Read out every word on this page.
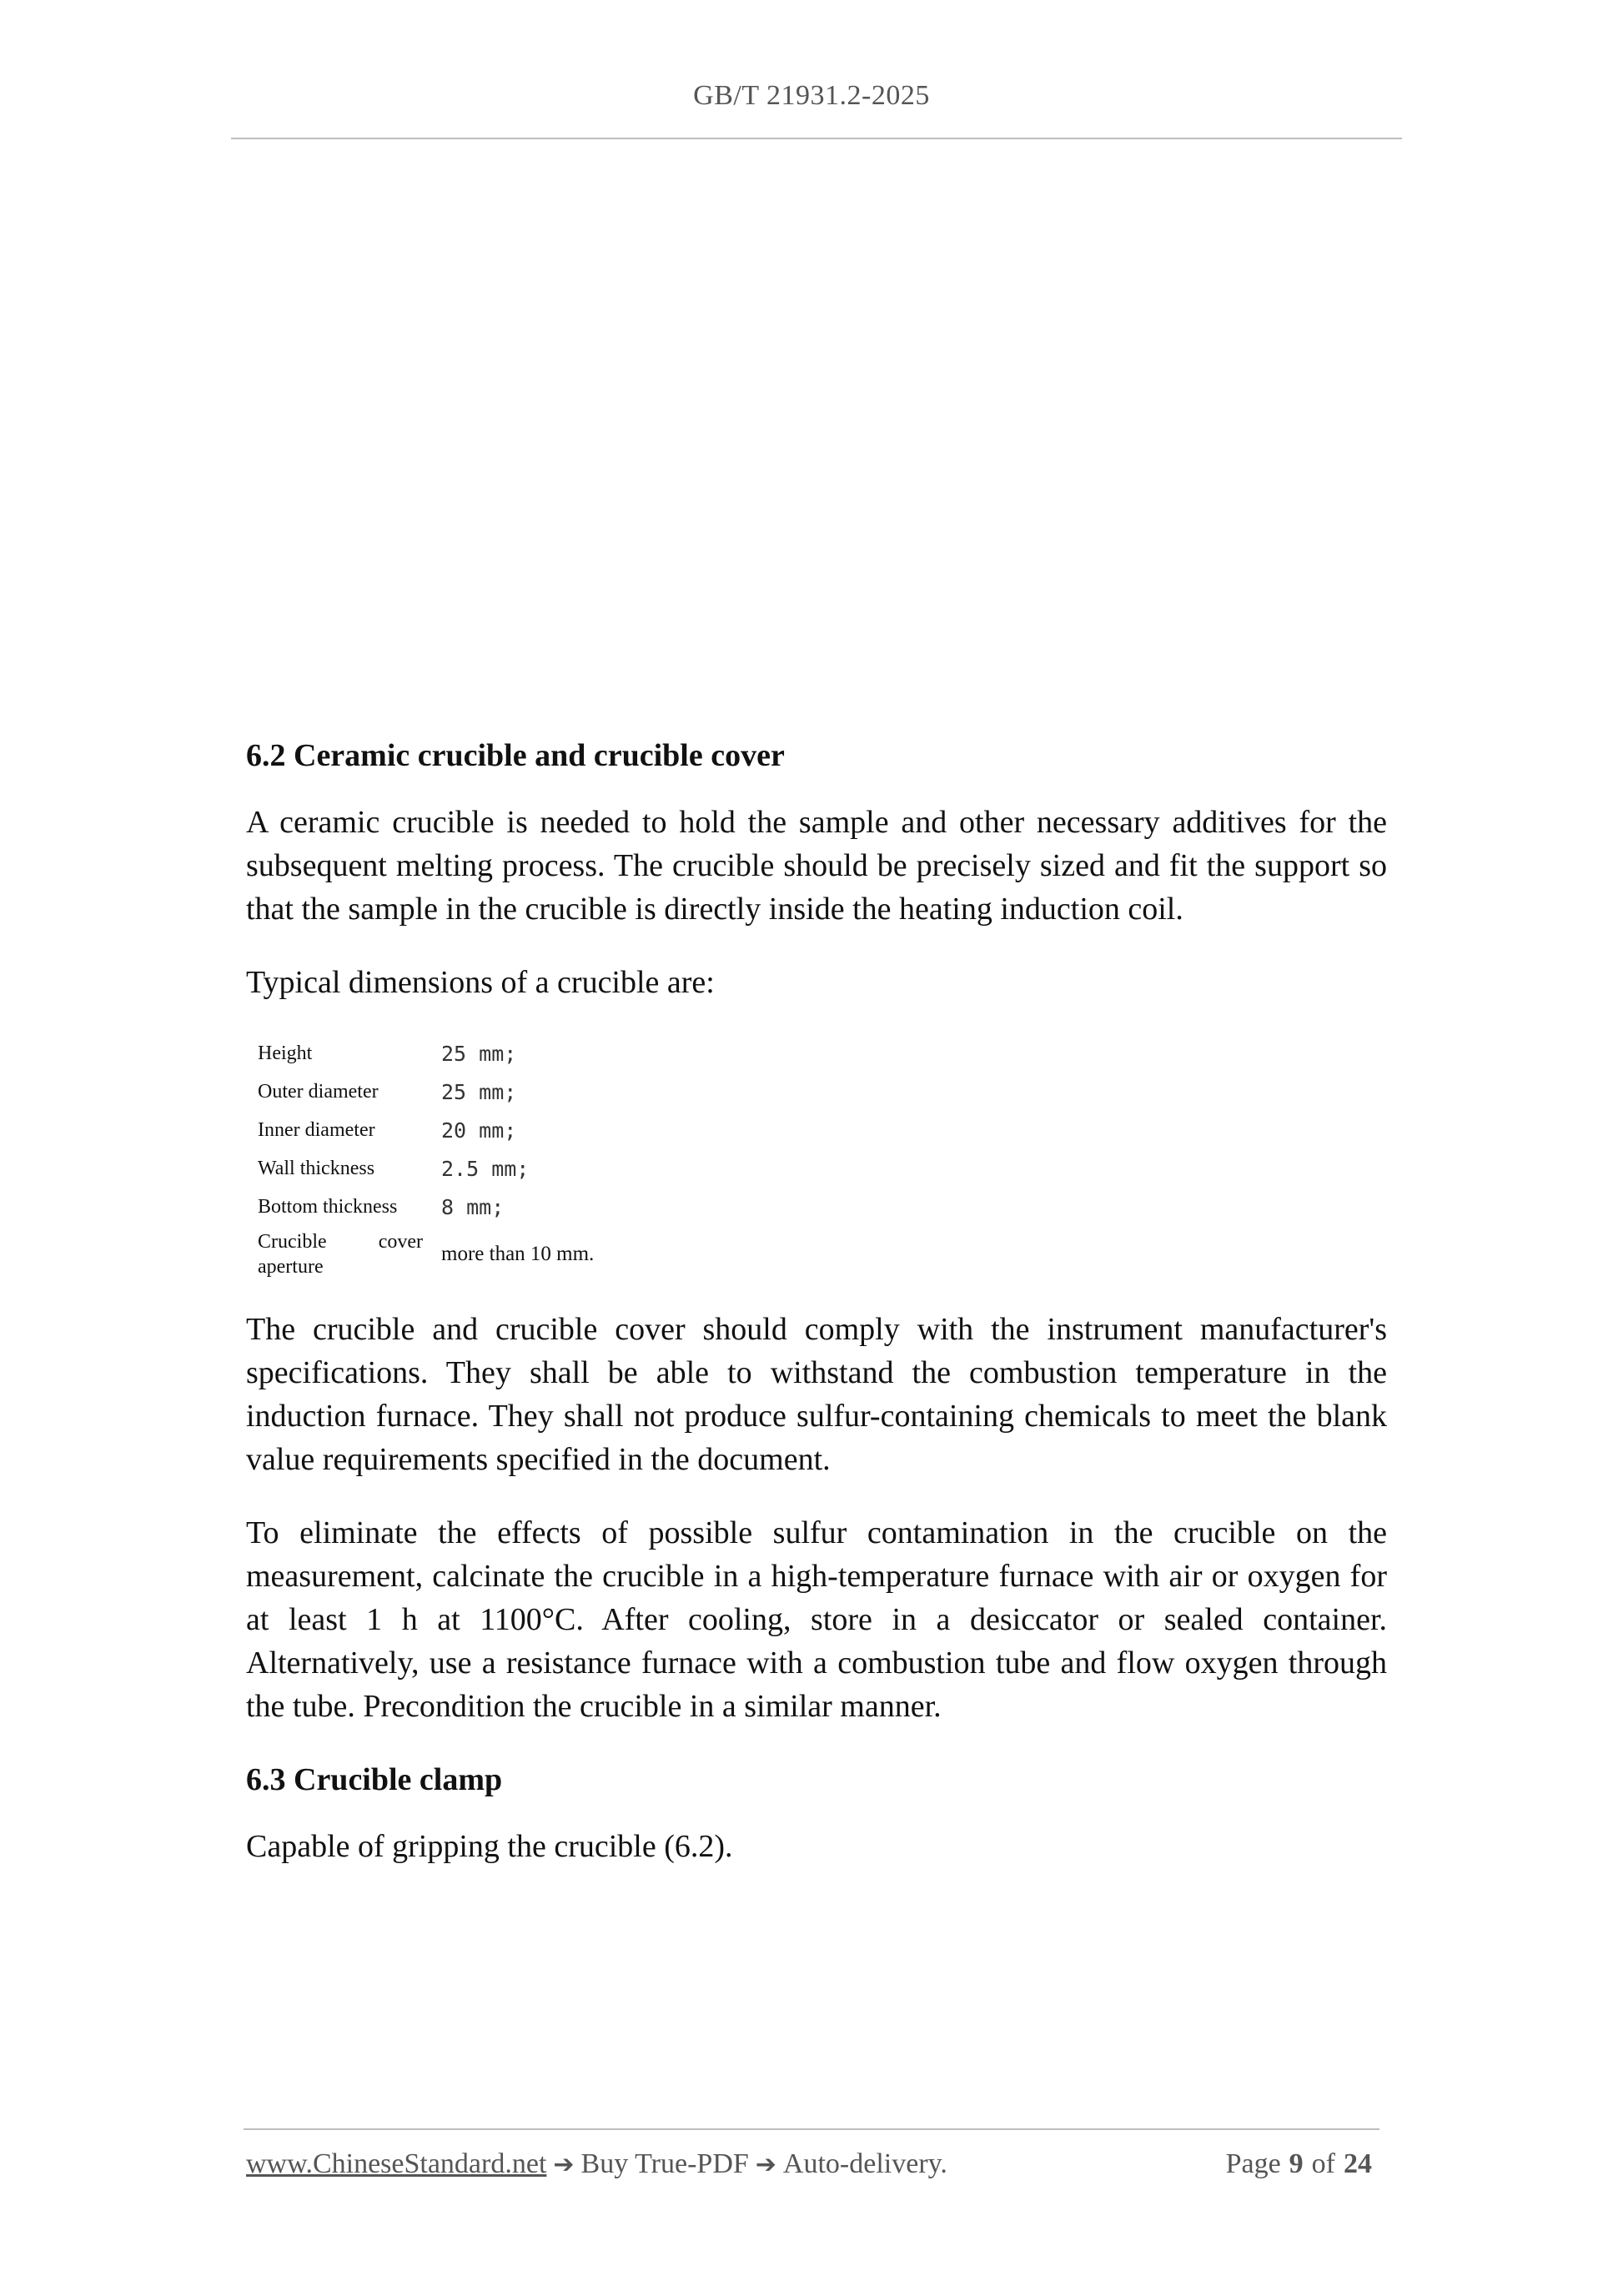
GB/T 21931.2-2025
6.2 Ceramic crucible and crucible cover

A ceramic crucible is needed to hold the sample and other necessary additives for the subsequent melting process. The crucible should be precisely sized and fit the support so that the sample in the crucible is directly inside the heating induction coil.

Typical dimensions of a crucible are:

Height	25 mm;
Outer diameter	25 mm;
Inner diameter	20 mm;
Wall thickness	2.5 mm;
Bottom thickness	8 mm;
Crucible cover aperture	more than 10 mm.

The crucible and crucible cover should comply with the instrument manufacturer's specifications. They shall be able to withstand the combustion temperature in the induction furnace. They shall not produce sulfur-containing chemicals to meet the blank value requirements specified in the document.

To eliminate the effects of possible sulfur contamination in the crucible on the measurement, calcinate the crucible in a high-temperature furnace with air or oxygen for at least 1 h at 1100°C. After cooling, store in a desiccator or sealed container. Alternatively, use a resistance furnace with a combustion tube and flow oxygen through the tube. Precondition the crucible in a similar manner.

6.3 Crucible clamp

Capable of gripping the crucible (6.2).

www.ChineseStandard.net ➔ Buy True-PDF ➔ Auto-delivery.	Page 9 of 24
